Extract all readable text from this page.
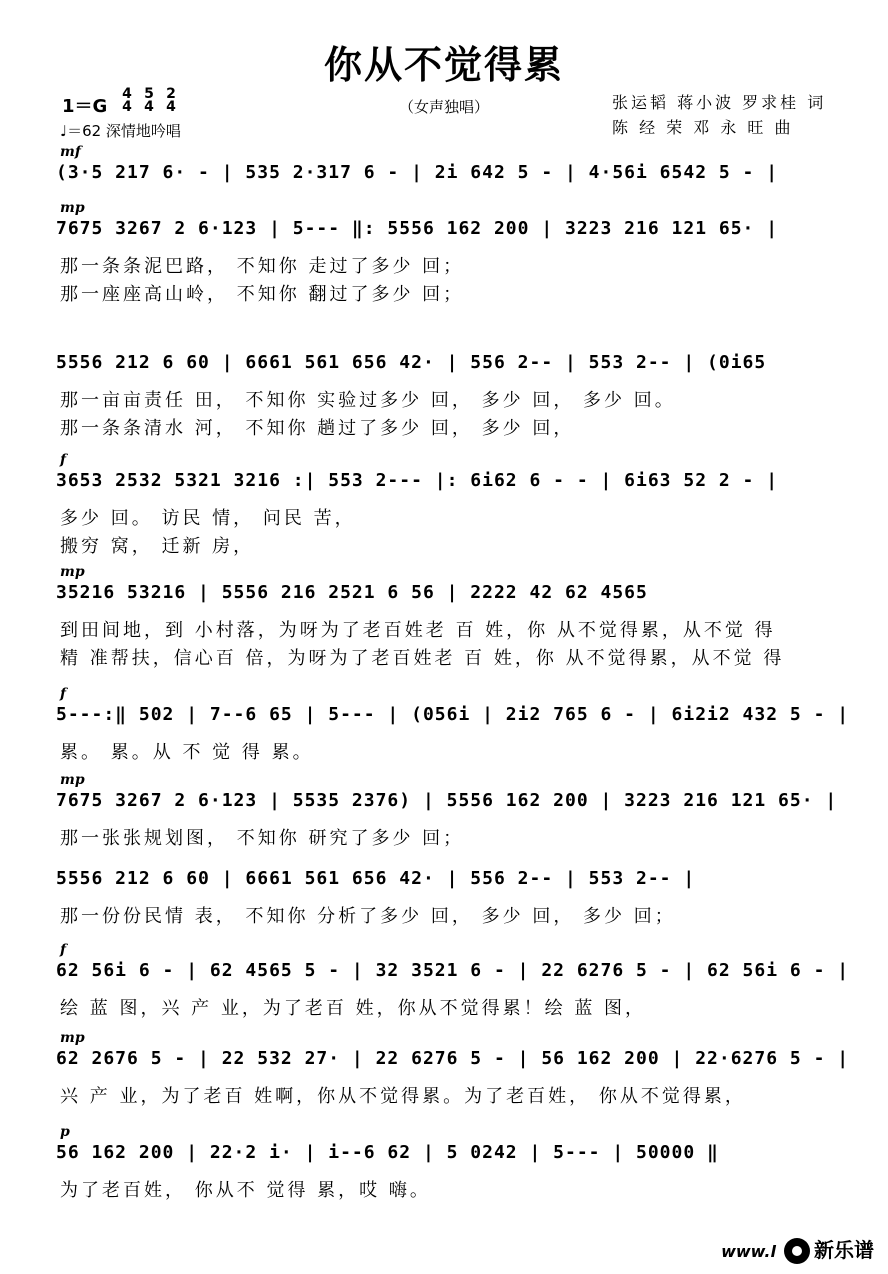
你从不觉得累
（女声独唱）
1＝G
4
4
5
4
2
4
♩＝62 深情地吟唱
张运韬 蒋小波 罗求桂 词
陈 经 荣 邓 永 旺 曲
mf
(3·5 217 6· - | 535 2·317 6 - | 2i 642 5 - | 4·56i 6542 5 - |
mp
7675 3267 2 6·123 | 5--- ‖: 5556 162 200 | 3223 216 121 65· |
那一条条泥巴路， 不知你 走过了多少 回；
那一座座高山岭， 不知你 翻过了多少 回；
5556 212 6 60 | 6661 561 656 42· | 556 2-- | 553 2-- | (0i65
那一亩亩责任 田， 不知你 实验过多少 回， 多少 回， 多少 回。
那一条条清水 河， 不知你 趟过了多少 回， 多少 回，
f
3653 2532 5321 3216 :| 553 2--- |: 6i62 6 - - | 6i63 52 2 - |
多少 回。 访民 情， 问民 苦，
搬穷 窝， 迁新 房，
mp
35216 53216 | 5556 216 2521 6 56 | 2222 42 62 4565
到田间地，到 小村落，为呀为了老百姓老 百 姓，你 从不觉得累，从不觉 得
精 准帮扶，信心百 倍，为呀为了老百姓老 百 姓，你 从不觉得累，从不觉 得
f
5---:‖ 502 | 7--6 65 | 5--- | (056i | 2i2 765 6 - | 6i2i2 432 5 - |
累。 累。从 不 觉 得 累。
mp
7675 3267 2 6·123 | 5535 2376) | 5556 162 200 | 3223 216 121 65· |
那一张张规划图， 不知你 研究了多少 回；
5556 212 6 60 | 6661 561 656 42· | 556 2-- | 553 2-- |
那一份份民情 表， 不知你 分析了多少 回， 多少 回， 多少 回；
f
62 56i 6 - | 62 4565 5 - | 32 3521 6 - | 22 6276 5 - | 62 56i 6 - |
绘 蓝 图，兴 产 业，为了老百 姓，你从不觉得累！绘 蓝 图，
mp
62 2676 5 - | 22 532 27· | 22 6276 5 - | 56 162 200 | 22·6276 5 - |
兴 产 业，为了老百 姓啊，你从不觉得累。为了老百姓， 你从不觉得累，
p
56 162 200 | 22·2 i· | i--6 62 | 5 0242 | 5--- | 50000 ‖
为了老百姓， 你从不 觉得 累，哎 嗨。
www.l 新乐谱
